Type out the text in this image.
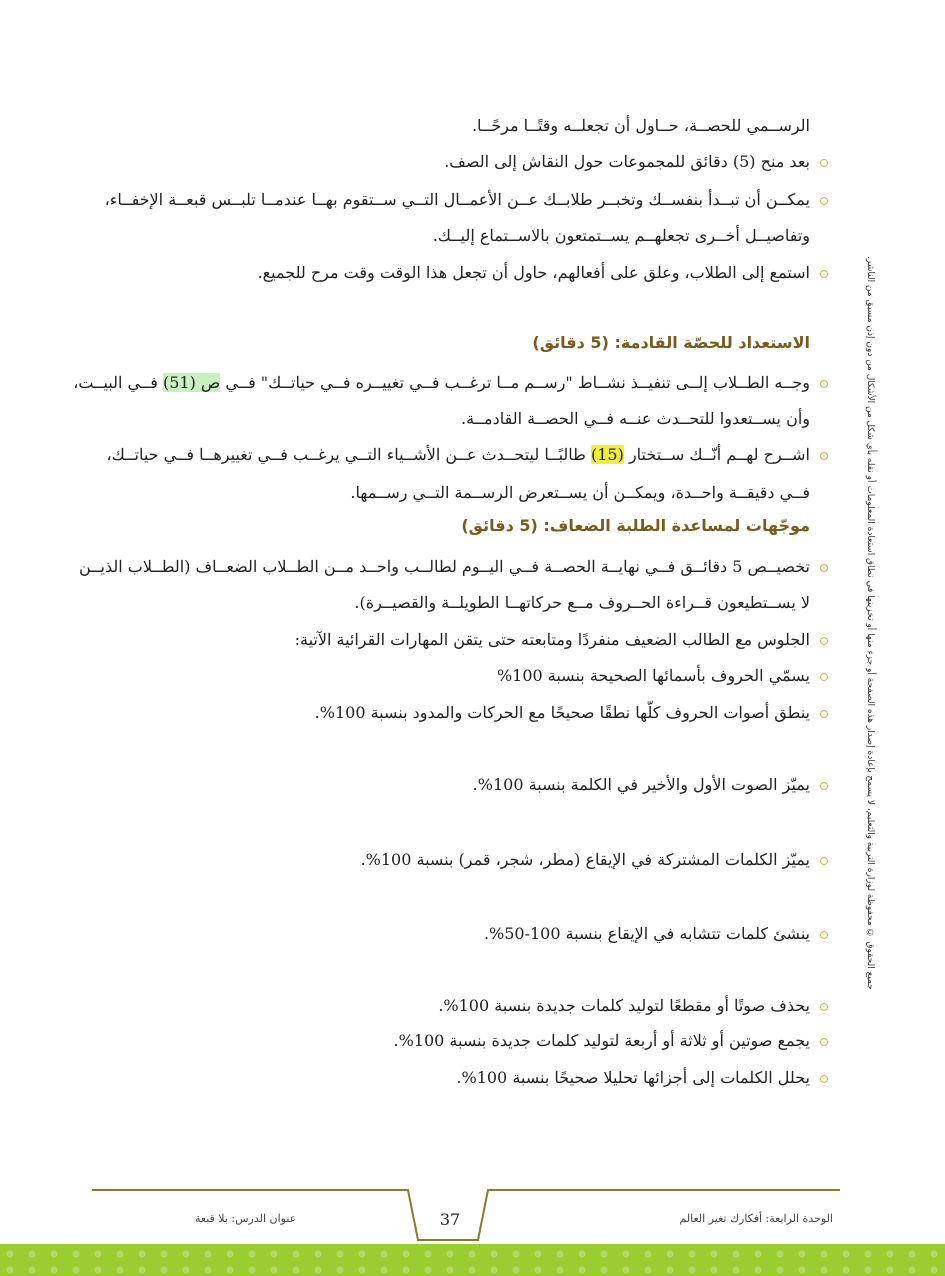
الرســمي للحصــة، حــاول أن تجعلــه وقتًــا مرحًــا.
بعد منح (5) دقائق للمجموعات حول النقاش إلى الصف.
يمكــن أن تبــدأ بنفســك وتخبــر طلابــك عــن الأعمــال التــي ســتقوم بهــا عندمــا تلبــس قبعــة الإخفــاء،
وتفاصيــل أخــرى تجعلهــم يســتمتعون بالاســتماع إليــك.
استمع إلى الطلاب، وعلق على أفعالهم، حاول أن تجعل هذا الوقت وقت مرح للجميع.
الاستعداد للحصّة القادمة: (5 دقائق)
وجــه الطــلاب إلــى تنفيــذ نشــاط "رســم مــا ترغــب فــي تغييــره فــي حياتــك" فــي ص (51) فــي البيــت،
وأن يســتعدوا للتحــدث عنــه فــي الحصــة القادمــة.
اشــرح لهــم أنّــك ســتختار (15) طالبًــا ليتحــدث عــن الأشــياء التــي يرغــب فــي تغييرهــا فــي حياتــك،
فــي دقيقــة واحــدة، ويمكــن أن يســتعرض الرســمة التــي رســمها.
موجّهات لمساعدة الطلبة الضعاف: (5 دقائق)
تخصيــص 5 دقائــق فــي نهايــة الحصــة فــي اليــوم لطالــب واحــد مــن الطــلاب الضعــاف (الطــلاب الذيــن
لا يســتطيعون قــراءة الحــروف مــع حركاتهــا الطويلــة والقصيــرة).
الجلوس مع الطالب الضعيف منفردًا ومتابعته حتى يتقن المهارات القرائية الآتية:
يسمّي الحروف بأسمائها الصحيحة بنسبة 100%
ينطق أصوات الحروف كلّها نطقًا صحيحًا مع الحركات والمدود بنسبة 100%.
يميّز الصوت الأول والأخير في الكلمة بنسبة 100%.
يميّز الكلمات المشتركة في الإيقاع (مطر، شجر، قمر) بنسبة 100%.
ينشئ كلمات تتشابه في الإيقاع بنسبة 100-50%.
يحذف صوتًا أو مقطعًا لتوليد كلمات جديدة بنسبة 100%.
يجمع صوتين أو ثلاثة أو أربعة لتوليد كلمات جديدة بنسبة 100%.
يحلل الكلمات إلى أجزائها تحليلا صحيحًا بنسبة 100%.
جميع الحقوق © محفوظة لوزارة التربية والتعليم، لا يسمح بإعادة إصدار هذه الصفحة أو جزء منها أو تخزينها في نطاق استعادة المعلومات أو نقله بأي شكل من الأشكال من دون إذن مسبق من الناشر.
37
عنوان الدرس: بلا قبعة	الوحدة الرابعة: أفكارك تغير العالم
